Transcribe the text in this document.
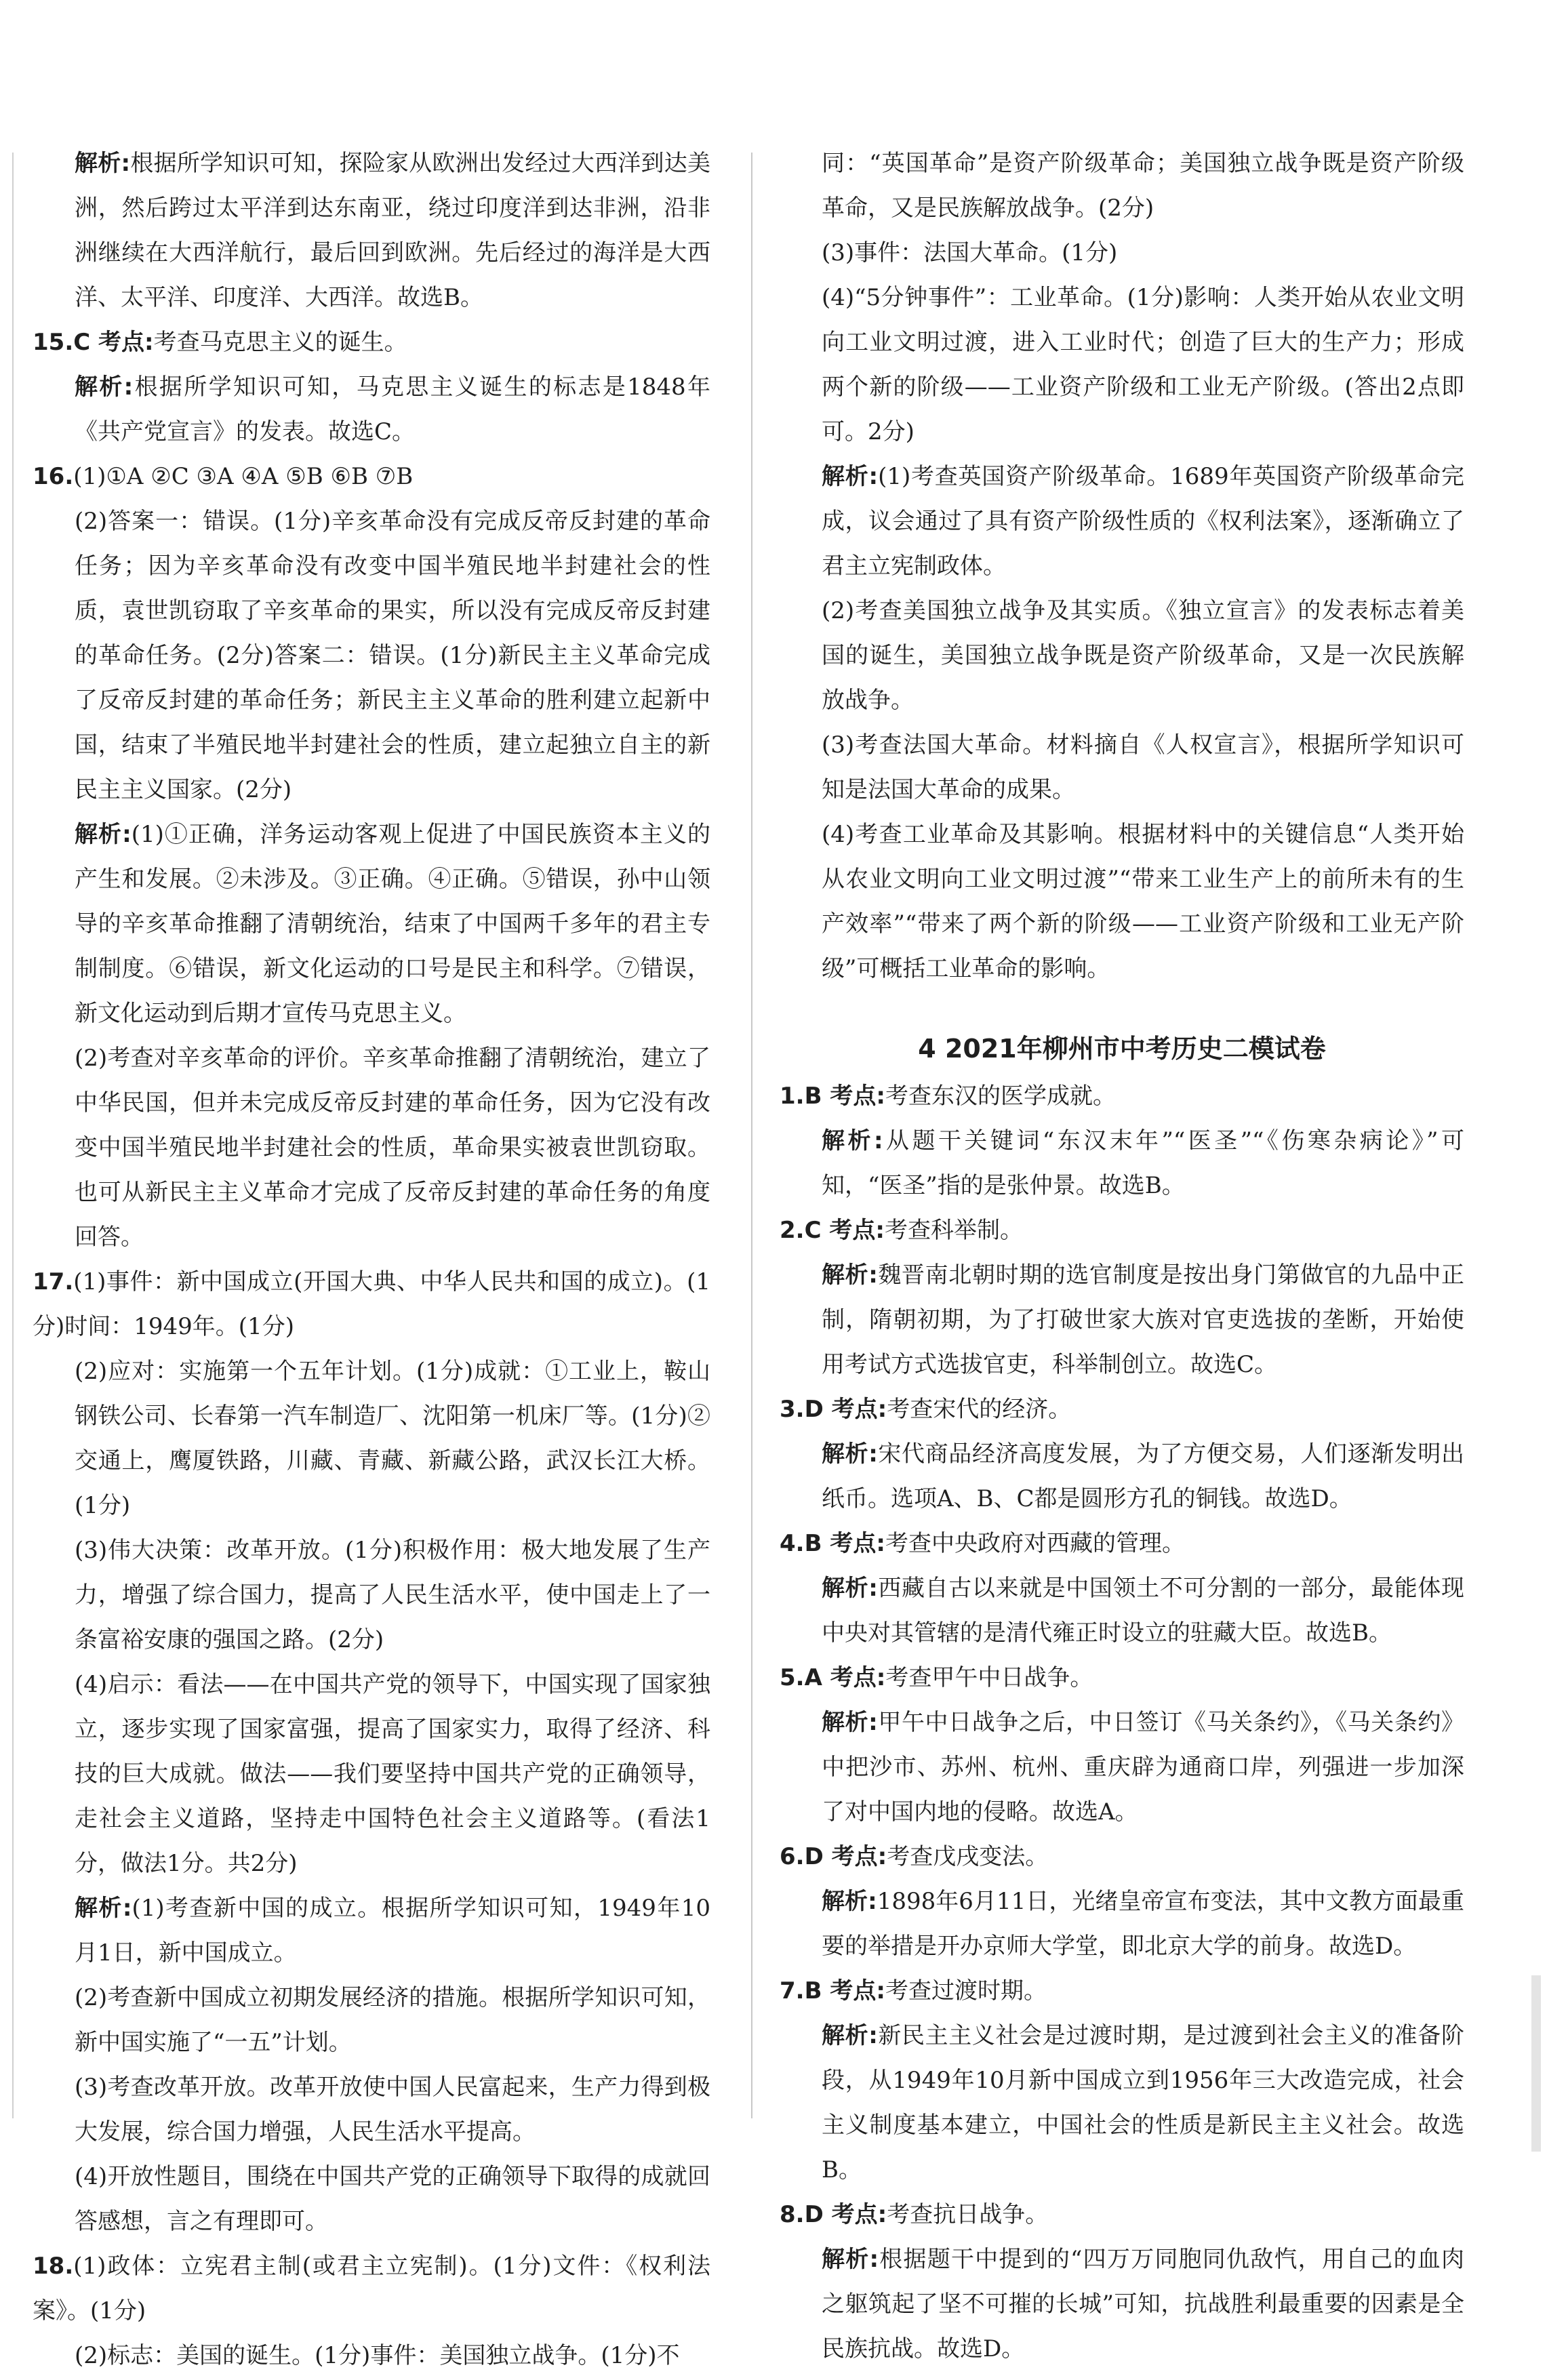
解析:根据所学知识可知，探险家从欧洲出发经过大西洋到达美洲，然后跨过太平洋到达东南亚，绕过印度洋到达非洲，沿非洲继续在大西洋航行，最后回到欧洲。先后经过的海洋是大西洋、太平洋、印度洋、大西洋。故选B。

15.C 考点:考查马克思主义的诞生。

解析:根据所学知识可知，马克思主义诞生的标志是1848年《共产党宣言》的发表。故选C。

16.(1)①A ②C ③A ④A ⑤B ⑥B ⑦B

(2)答案一：错误。(1分)辛亥革命没有完成反帝反封建的革命任务；因为辛亥革命没有改变中国半殖民地半封建社会的性质，袁世凯窃取了辛亥革命的果实，所以没有完成反帝反封建的革命任务。(2分)答案二：错误。(1分)新民主主义革命完成了反帝反封建的革命任务；新民主主义革命的胜利建立起新中国，结束了半殖民地半封建社会的性质，建立起独立自主的新民主主义国家。(2分)

解析:(1)①正确，洋务运动客观上促进了中国民族资本主义的产生和发展。②未涉及。③正确。④正确。⑤错误，孙中山领导的辛亥革命推翻了清朝统治，结束了中国两千多年的君主专制制度。⑥错误，新文化运动的口号是民主和科学。⑦错误，新文化运动到后期才宣传马克思主义。

(2)考查对辛亥革命的评价。辛亥革命推翻了清朝统治，建立了中华民国，但并未完成反帝反封建的革命任务，因为它没有改变中国半殖民地半封建社会的性质，革命果实被袁世凯窃取。也可从新民主主义革命才完成了反帝反封建的革命任务的角度回答。

17.(1)事件：新中国成立(开国大典、中华人民共和国的成立)。(1分)时间：1949年。(1分)

(2)应对：实施第一个五年计划。(1分)成就：①工业上，鞍山钢铁公司、长春第一汽车制造厂、沈阳第一机床厂等。(1分)②交通上，鹰厦铁路，川藏、青藏、新藏公路，武汉长江大桥。(1分)

(3)伟大决策：改革开放。(1分)积极作用：极大地发展了生产力，增强了综合国力，提高了人民生活水平，使中国走上了一条富裕安康的强国之路。(2分)

(4)启示：看法——在中国共产党的领导下，中国实现了国家独立，逐步实现了国家富强，提高了国家实力，取得了经济、科技的巨大成就。做法——我们要坚持中国共产党的正确领导，走社会主义道路，坚持走中国特色社会主义道路等。(看法1分，做法1分。共2分)

解析:(1)考查新中国的成立。根据所学知识可知，1949年10月1日，新中国成立。

(2)考查新中国成立初期发展经济的措施。根据所学知识可知，新中国实施了“一五”计划。

(3)考查改革开放。改革开放使中国人民富起来，生产力得到极大发展，综合国力增强，人民生活水平提高。

(4)开放性题目，围绕在中国共产党的正确领导下取得的成就回答感想，言之有理即可。

18.(1)政体：立宪君主制(或君主立宪制)。(1分)文件：《权利法案》。(1分)

(2)标志：美国的诞生。(1分)事件：美国独立战争。(1分)不

同：“英国革命”是资产阶级革命；美国独立战争既是资产阶级革命，又是民族解放战争。(2分)

(3)事件：法国大革命。(1分)

(4)“5分钟事件”：工业革命。(1分)影响：人类开始从农业文明向工业文明过渡，进入工业时代；创造了巨大的生产力；形成两个新的阶级——工业资产阶级和工业无产阶级。(答出2点即可。2分)

解析:(1)考查英国资产阶级革命。1689年英国资产阶级革命完成，议会通过了具有资产阶级性质的《权利法案》，逐渐确立了君主立宪制政体。

(2)考查美国独立战争及其实质。《独立宣言》的发表标志着美国的诞生，美国独立战争既是资产阶级革命，又是一次民族解放战争。

(3)考查法国大革命。材料摘自《人权宣言》，根据所学知识可知是法国大革命的成果。

(4)考查工业革命及其影响。根据材料中的关键信息“人类开始从农业文明向工业文明过渡”“带来工业生产上的前所未有的生产效率”“带来了两个新的阶级——工业资产阶级和工业无产阶级”可概括工业革命的影响。

4 2021年柳州市中考历史二模试卷

1.B 考点:考查东汉的医学成就。

解析:从题干关键词“东汉末年”“医圣”“《伤寒杂病论》”可知，“医圣”指的是张仲景。故选B。

2.C 考点:考查科举制。

解析:魏晋南北朝时期的选官制度是按出身门第做官的九品中正制，隋朝初期，为了打破世家大族对官吏选拔的垄断，开始使用考试方式选拔官吏，科举制创立。故选C。

3.D 考点:考查宋代的经济。

解析:宋代商品经济高度发展，为了方便交易，人们逐渐发明出纸币。选项A、B、C都是圆形方孔的铜钱。故选D。

4.B 考点:考查中央政府对西藏的管理。

解析:西藏自古以来就是中国领土不可分割的一部分，最能体现中央对其管辖的是清代雍正时设立的驻藏大臣。故选B。

5.A 考点:考查甲午中日战争。

解析:甲午中日战争之后，中日签订《马关条约》，《马关条约》中把沙市、苏州、杭州、重庆辟为通商口岸，列强进一步加深了对中国内地的侵略。故选A。

6.D 考点:考查戊戌变法。

解析:1898年6月11日，光绪皇帝宣布变法，其中文教方面最重要的举措是开办京师大学堂，即北京大学的前身。故选D。

7.B 考点:考查过渡时期。

解析:新民主主义社会是过渡时期，是过渡到社会主义的准备阶段，从1949年10月新中国成立到1956年三大改造完成，社会主义制度基本建立，中国社会的性质是新民主主义社会。故选B。

8.D 考点:考查抗日战争。

解析:根据题干中提到的“四万万同胞同仇敌忾，用自己的血肉之躯筑起了坚不可摧的长城”可知，抗战胜利最重要的因素是全民族抗战。故选D。
